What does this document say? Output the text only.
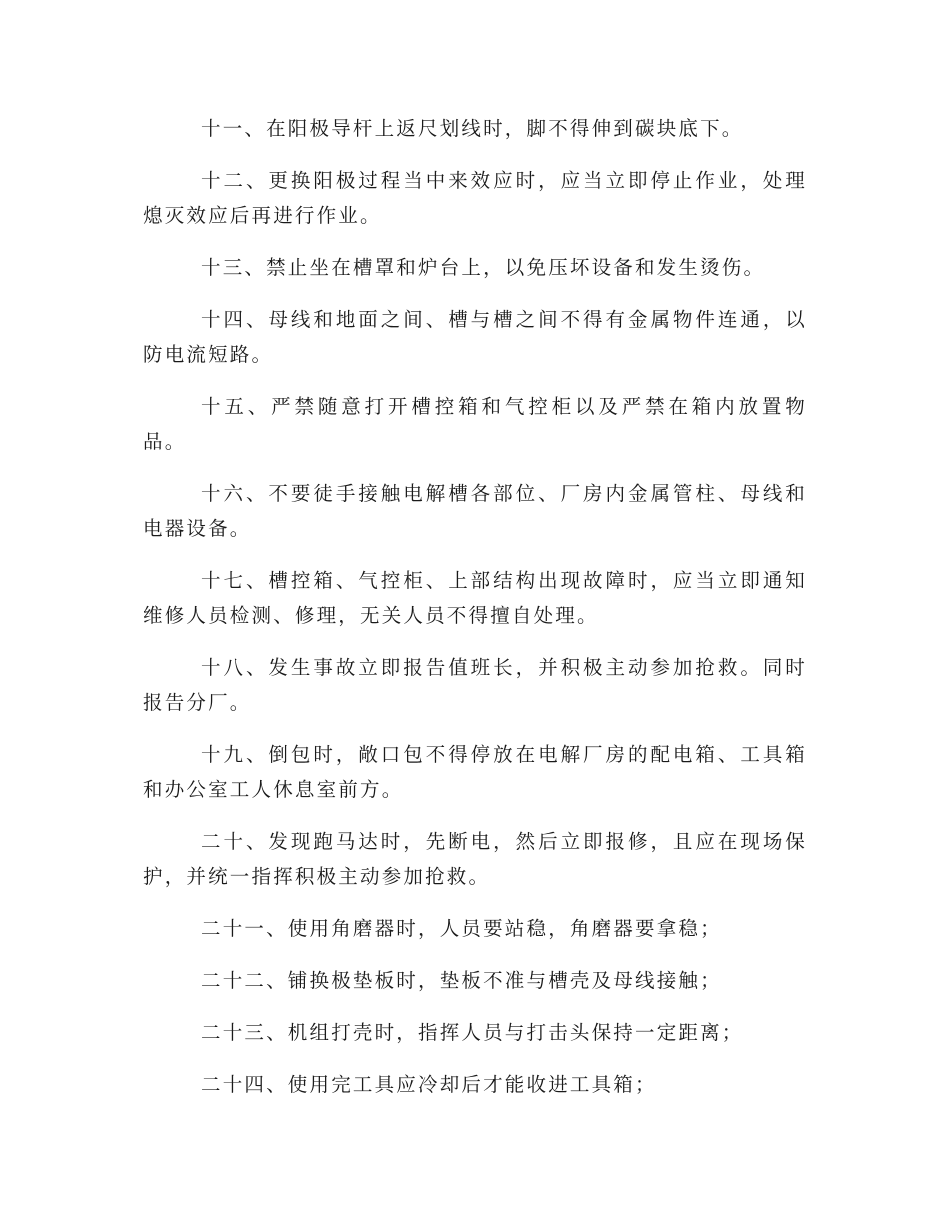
十一、在阳极导杆上返尺划线时，脚不得伸到碳块底下。

十二、更换阳极过程当中来效应时，应当立即停止作业，处理熄灭效应后再进行作业。

十三、禁止坐在槽罩和炉台上，以免压坏设备和发生烫伤。

十四、母线和地面之间、槽与槽之间不得有金属物件连通，以防电流短路。

十五、严禁随意打开槽控箱和气控柜以及严禁在箱内放置物品。

十六、不要徒手接触电解槽各部位、厂房内金属管柱、母线和电器设备。

十七、槽控箱、气控柜、上部结构出现故障时，应当立即通知维修人员检测、修理，无关人员不得擅自处理。

十八、发生事故立即报告值班长，并积极主动参加抢救。同时报告分厂。

十九、倒包时，敞口包不得停放在电解厂房的配电箱、工具箱和办公室工人休息室前方。

二十、发现跑马达时，先断电，然后立即报修，且应在现场保护，并统一指挥积极主动参加抢救。

二十一、使用角磨器时，人员要站稳，角磨器要拿稳；

二十二、铺换极垫板时，垫板不准与槽壳及母线接触；

二十三、机组打壳时，指挥人员与打击头保持一定距离；

二十四、使用完工具应冷却后才能收进工具箱；
